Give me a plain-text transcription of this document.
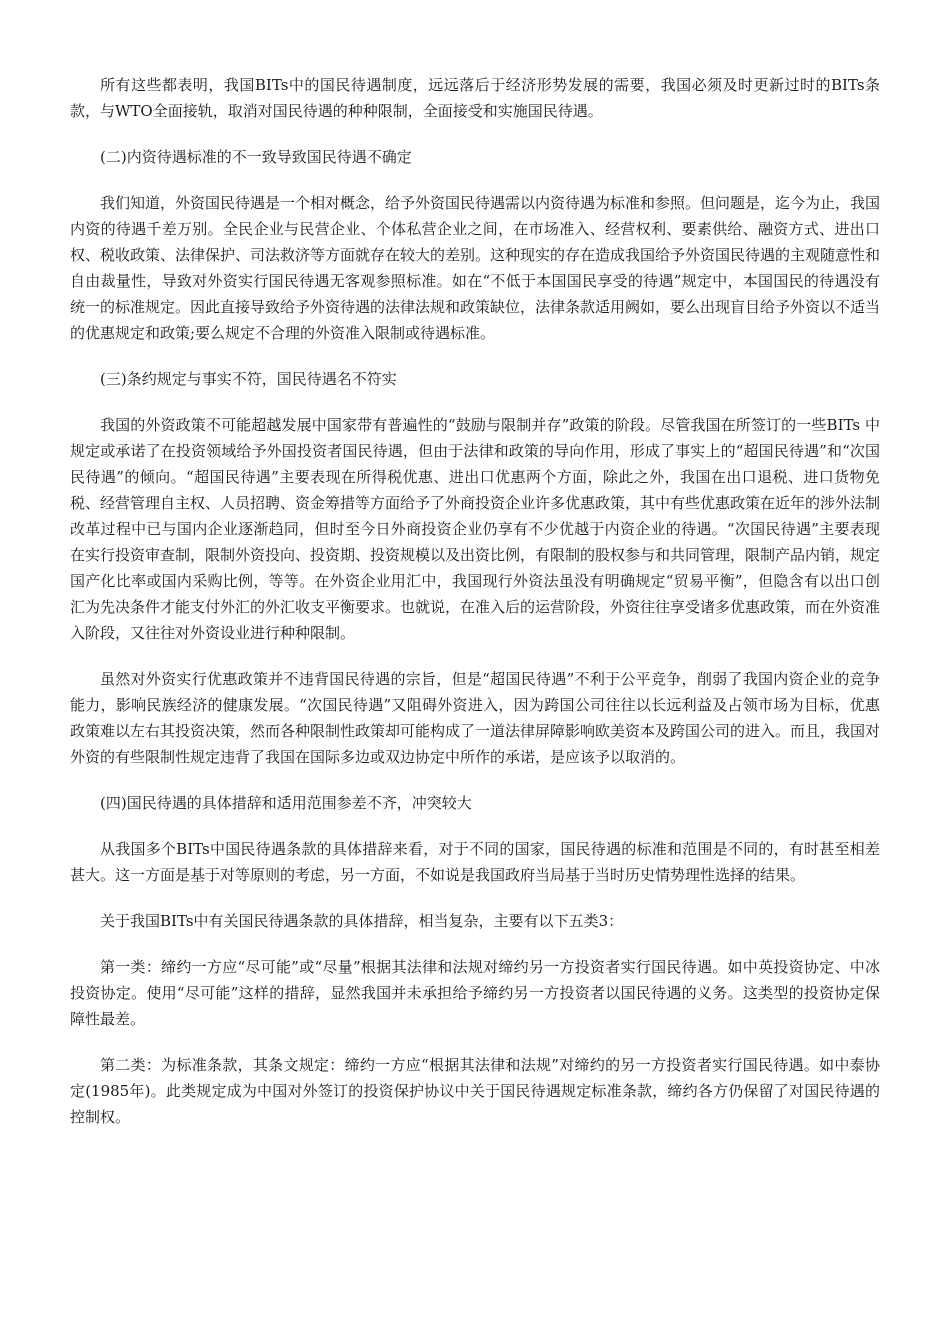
所有这些都表明，我国BITs中的国民待遇制度，远远落后于经济形势发展的需要，我国必须及时更新过时的BITs条款，与WTO全面接轨，取消对国民待遇的种种限制，全面接受和实施国民待遇。

(二)内资待遇标准的不一致导致国民待遇不确定

我们知道，外资国民待遇是一个相对概念，给予外资国民待遇需以内资待遇为标准和参照。但问题是，迄今为止，我国内资的待遇千差万别。全民企业与民营企业、个体私营企业之间，在市场准入、经营权利、要素供给、融资方式、进出口权、税收政策、法律保护、司法救济等方面就存在较大的差别。这种现实的存在造成我国给予外资国民待遇的主观随意性和自由裁量性，导致对外资实行国民待遇无客观参照标准。如在“不低于本国国民享受的待遇”规定中，本国国民的待遇没有统一的标准规定。因此直接导致给予外资待遇的法律法规和政策缺位，法律条款适用阙如，要么出现盲目给予外资以不适当的优惠规定和政策;要么规定不合理的外资准入限制或待遇标准。

(三)条约规定与事实不符，国民待遇名不符实

我国的外资政策不可能超越发展中国家带有普遍性的“鼓励与限制并存”政策的阶段。尽管我国在所签订的一些BITs 中规定或承诺了在投资领域给予外国投资者国民待遇，但由于法律和政策的导向作用，形成了事实上的“超国民待遇”和“次国民待遇”的倾向。“超国民待遇”主要表现在所得税优惠、进出口优惠两个方面，除此之外，我国在出口退税、进口货物免税、经营管理自主权、人员招聘、资金筹措等方面给予了外商投资企业许多优惠政策，其中有些优惠政策在近年的涉外法制改革过程中已与国内企业逐渐趋同，但时至今日外商投资企业仍享有不少优越于内资企业的待遇。“次国民待遇”主要表现在实行投资审查制，限制外资投向、投资期、投资规模以及出资比例，有限制的股权参与和共同管理，限制产品内销，规定国产化比率或国内采购比例，等等。在外资企业用汇中，我国现行外资法虽没有明确规定“贸易平衡”，但隐含有以出口创汇为先决条件才能支付外汇的外汇收支平衡要求。也就说，在准入后的运营阶段，外资往往享受诸多优惠政策，而在外资准入阶段，又往往对外资设业进行种种限制。

虽然对外资实行优惠政策并不违背国民待遇的宗旨，但是“超国民待遇”不利于公平竞争，削弱了我国内资企业的竞争能力，影响民族经济的健康发展。“次国民待遇”又阻碍外资进入，因为跨国公司往往以长远利益及占领市场为目标，优惠政策难以左右其投资决策，然而各种限制性政策却可能构成了一道法律屏障影响欧美资本及跨国公司的进入。而且，我国对外资的有些限制性规定违背了我国在国际多边或双边协定中所作的承诺，是应该予以取消的。

(四)国民待遇的具体措辞和适用范围参差不齐，冲突较大

从我国多个BITs中国民待遇条款的具体措辞来看，对于不同的国家，国民待遇的标准和范围是不同的，有时甚至相差甚大。这一方面是基于对等原则的考虑，另一方面，不如说是我国政府当局基于当时历史情势理性选择的结果。

关于我国BITs中有关国民待遇条款的具体措辞，相当复杂，主要有以下五类3：

第一类：缔约一方应“尽可能”或“尽量”根据其法律和法规对缔约另一方投资者实行国民待遇。如中英投资协定、中冰投资协定。使用“尽可能”这样的措辞，显然我国并未承担给予缔约另一方投资者以国民待遇的义务。这类型的投资协定保障性最差。

第二类：为标准条款，其条文规定：缔约一方应“根据其法律和法规”对缔约的另一方投资者实行国民待遇。如中泰协定(1985年)。此类规定成为中国对外签订的投资保护协议中关于国民待遇规定标准条款，缔约各方仍保留了对国民待遇的控制权。
